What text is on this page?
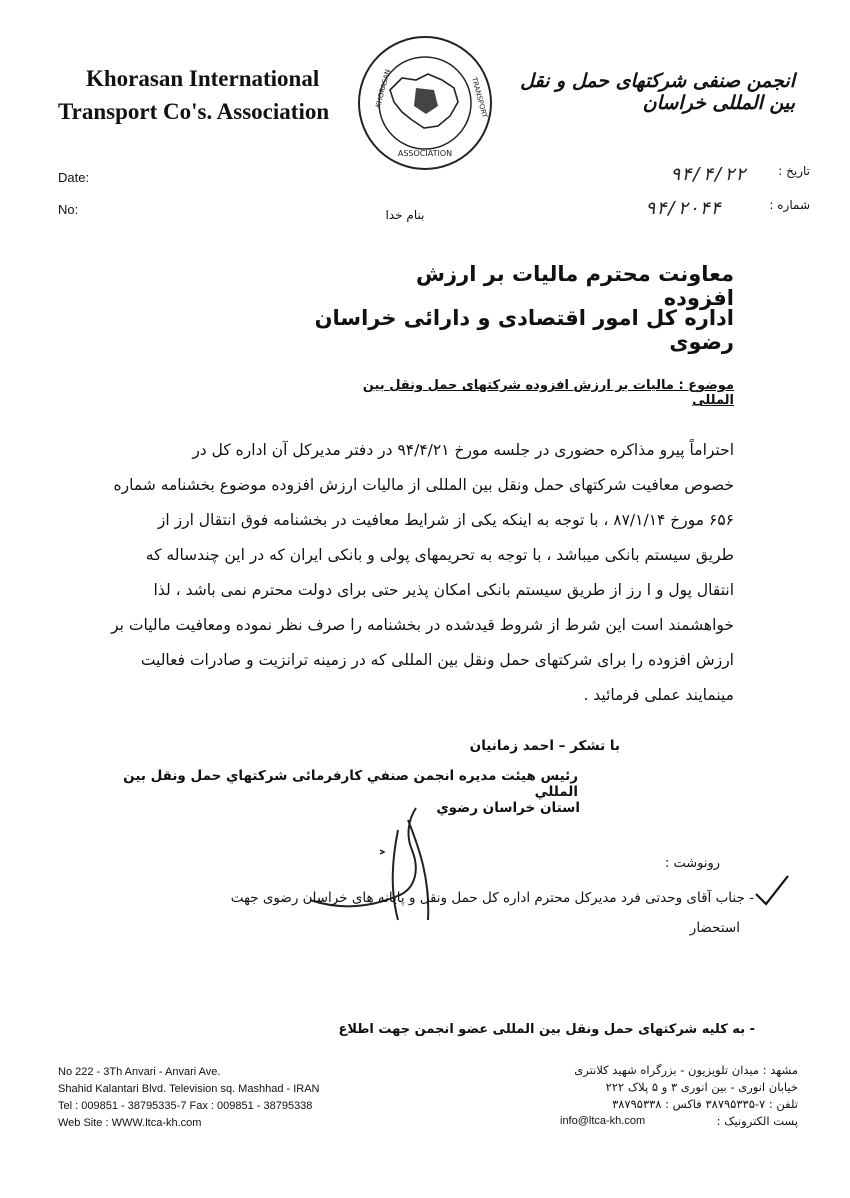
Khorasan International
Transport Co's. Association
ASSOCIATION
KHORASAN	TRANSPORT	انجمن صنفی شرکتهای حمل و نقل بین المللی خراسان
Date:
No:
تاریخ :
شماره :
۹۴/۴/۲۲
۹۴/۲۰۴۴
بنام خدا
معاونت محترم مالیات بر ارزش افزوده
اداره کل امور اقتصادی و دارائی خراسان رضوی
موضوع : مالیات بر ارزش افزوده شرکتهای حمل ونقل بین المللی
احتراماً پیرو مذاکره حضوری در جلسه مورخ ۹۴/۴/۲۱ در دفتر مدیرکل آن اداره کل در
خصوص معافیت شرکتهای حمل ونقل بین المللی از مالیات ارزش افزوده موضوع بخشنامه شماره
۶۵۶ مورخ ۸۷/۱/۱۴ ، با توجه به اینکه یکی از شرایط معافیت در بخشنامه فوق انتقال ارز از
طریق سیستم بانکی میباشد ، با توجه به تحریمهای پولی و بانکی ایران که در این چندساله که
انتقال پول و ا رز از طریق سیستم بانکی امکان پذیر حتی برای دولت محترم نمی باشد ، لذا
خواهشمند است این شرط از شروط قیدشده در بخشنامه را صرف نظر نموده ومعافیت مالیات بر
ارزش افزوده را برای شرکتهای حمل ونقل بین المللی که در زمینه ترانزیت و صادرات فعالیت
مینمایند عملی فرمائید .
با تشکر – احمد زمانیان
رئیس هیئت مدیره انجمن صنفي کارفرمائی شرکتهاي حمل ونقل بین المللي
استان خراسان رضوي
رونوشت :
- جناب آقای وحدتی فرد مدیرکل محترم اداره کل حمل ونقل و پایانه های خراسان رضوی جهت
استحضار
- به کلیه شرکتهای حمل ونقل بین المللی عضو انجمن جهت اطلاع
No 222 - 3Th Anvari - Anvari Ave.
Shahid Kalantari Blvd. Television sq. Mashhad - IRAN
Tel : 009851 - 38795335-7 Fax : 009851 - 38795338
Web Site : WWW.ltca-kh.com
مشهد : میدان تلویزیون - بزرگراه شهید کلانتری
خیابان انوری - بین انوری ۳ و ۵ پلاک ۲۲۲
تلفن : ۷-۳۸۷۹۵۳۳۵ فاکس : ۳۸۷۹۵۳۳۸
info@ltca-kh.com	پست الکترونیک :
